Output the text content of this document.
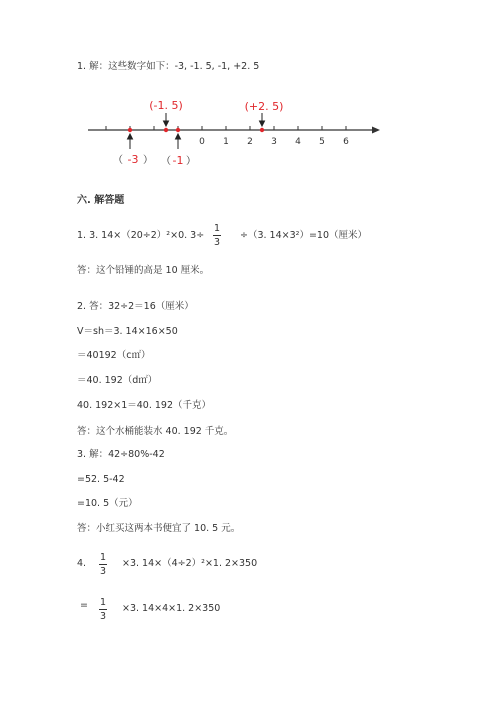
1. 解：这些数字如下：-3, -1. 5, -1, +2. 5
0 1 2 3 4 5 6
(-1. 5)	(+2. 5)
-3	-1
（ ） （ ）
六. 解答题
1. 3. 14×（20÷2）²×0. 3÷
1
3
÷（3. 14×3²）=10（厘米）
答：这个铅锤的高是 10 厘米。
2. 答：32÷2＝16（厘米）
V＝sh＝3. 14×16×50
＝40192（c㎡）
＝40. 192（d㎡）
40. 192×1＝40. 192（千克）
答：这个水桶能装水 40. 192 千克。
3. 解：42÷80%-42
=52. 5-42
=10. 5（元）
答：小红买这两本书便宜了 10. 5 元。
4.
1
3
×3. 14×（4÷2）²×1. 2×350
= 1
3
×3. 14×4×1. 2×350
